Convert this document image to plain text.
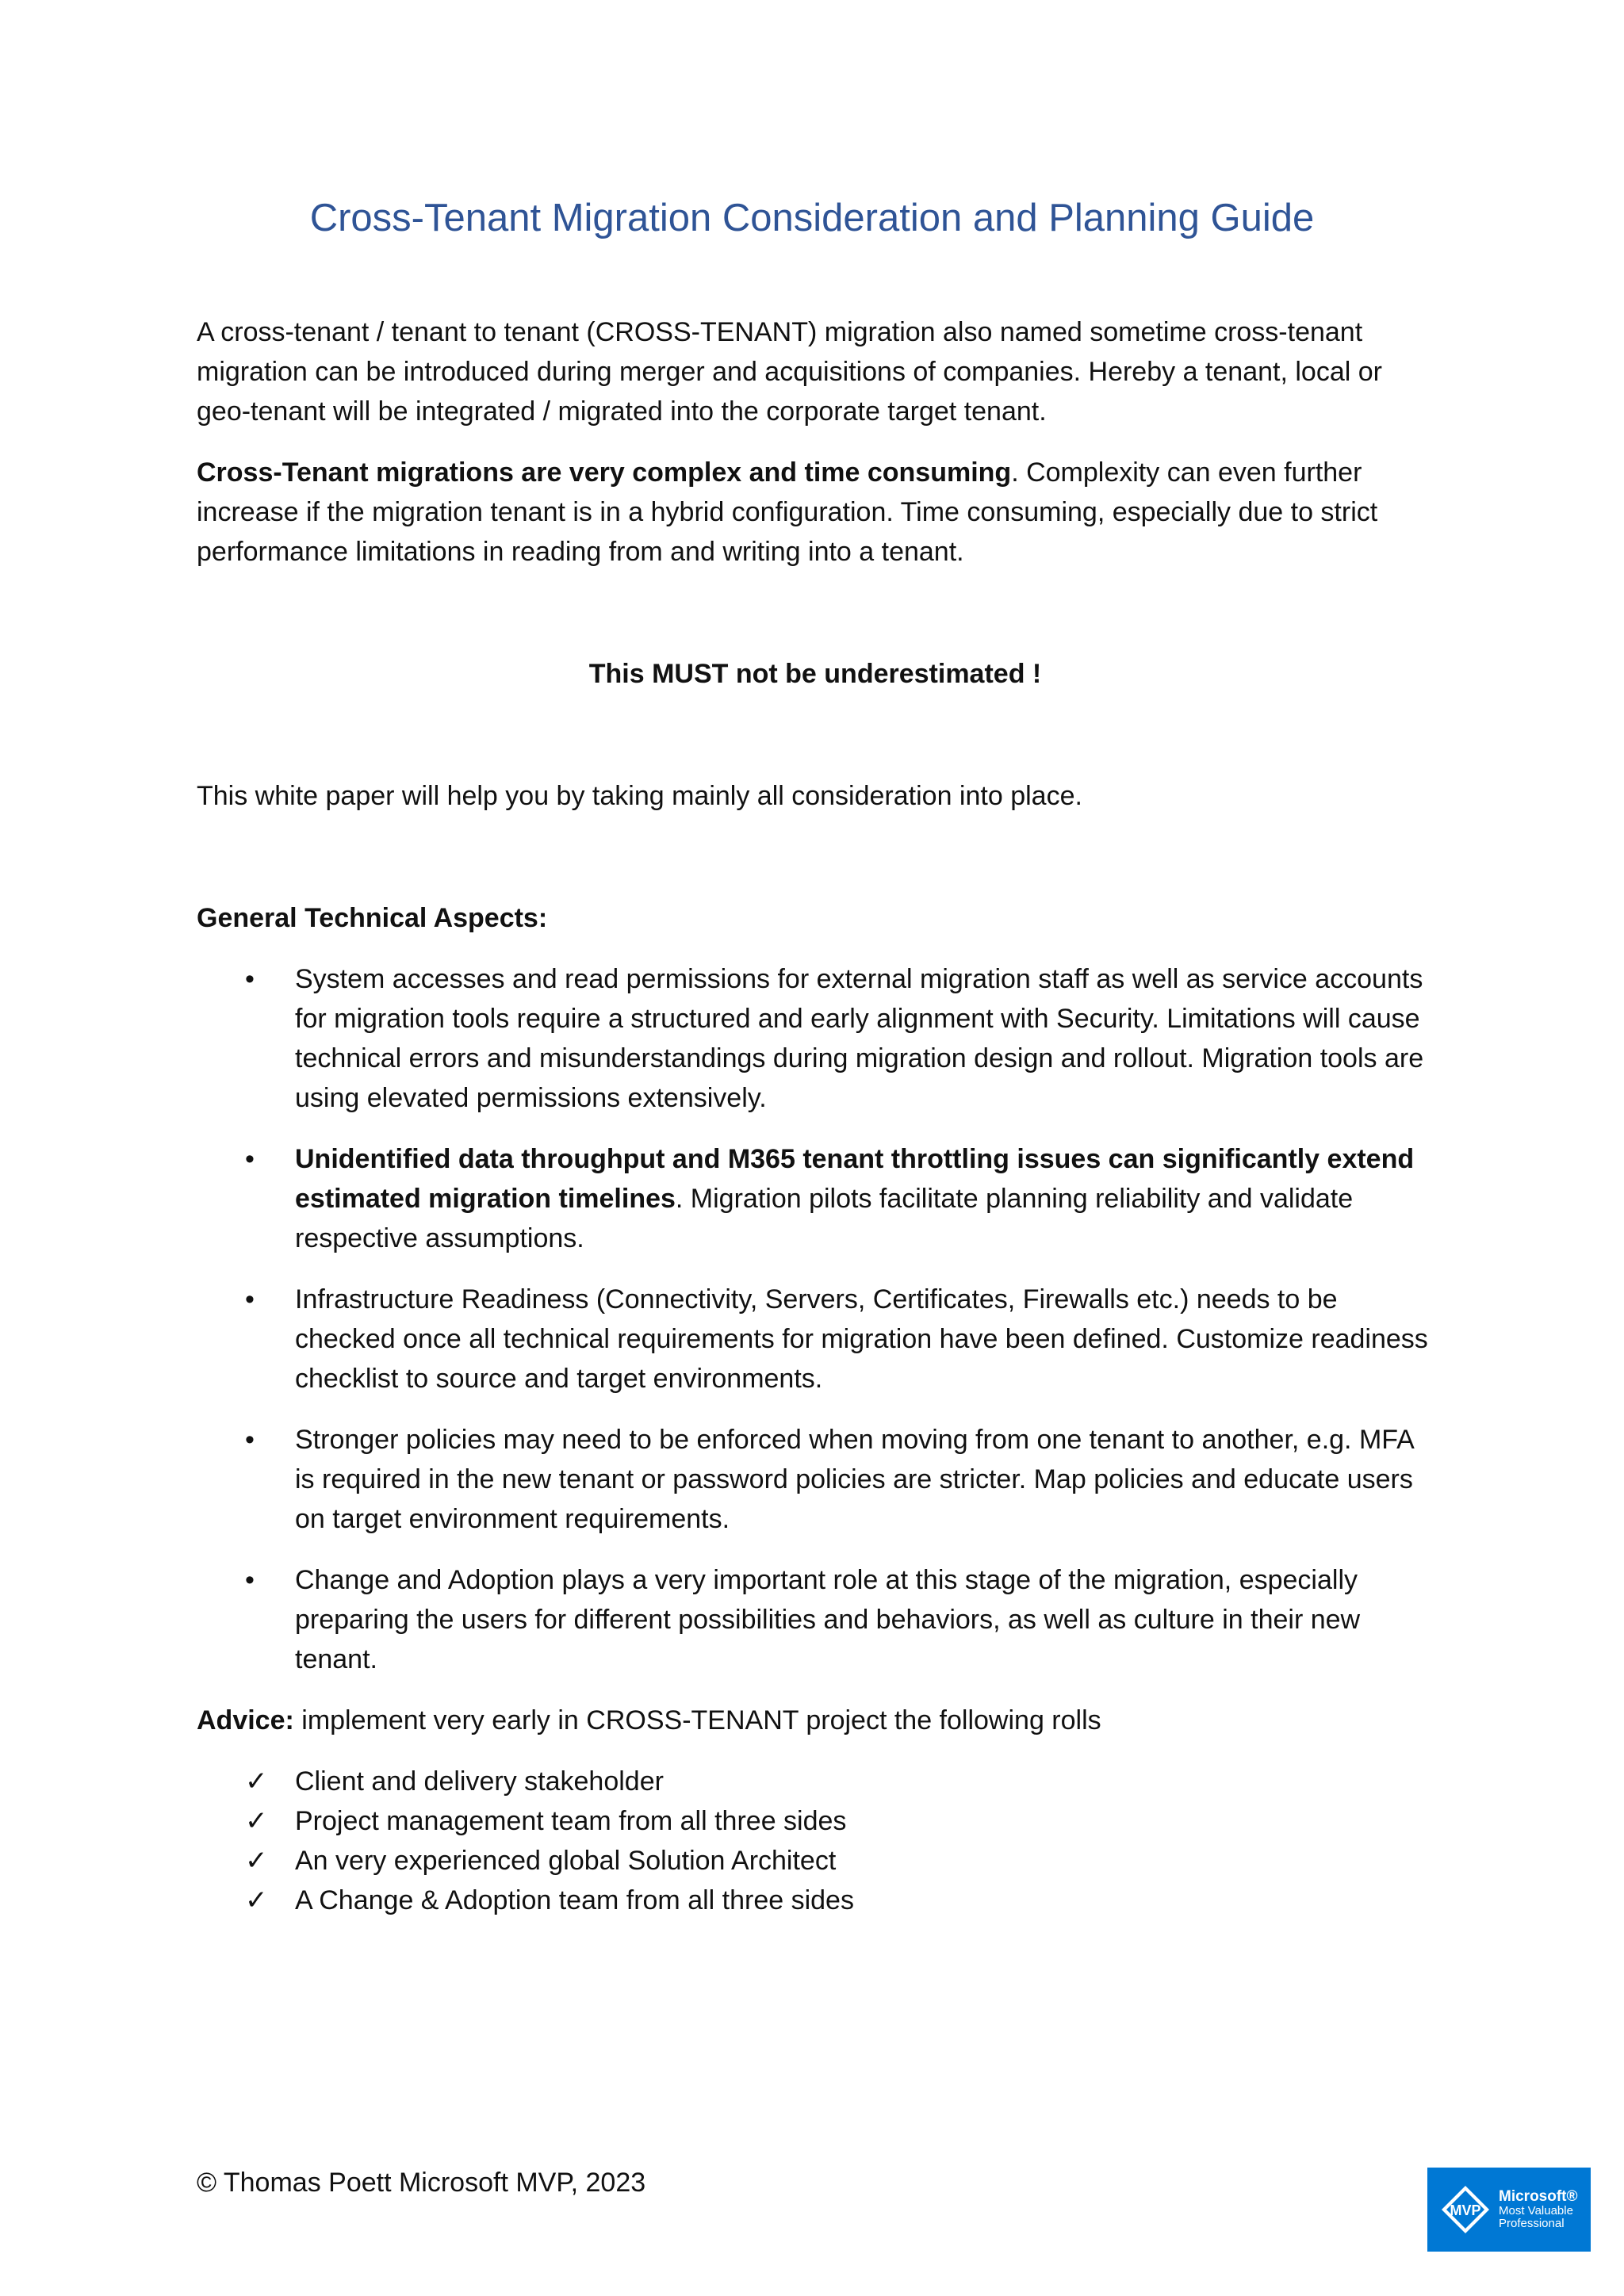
Cross-Tenant Migration Consideration and Planning Guide

A cross-tenant / tenant to tenant (CROSS-TENANT) migration also named sometime cross-tenant migration can be introduced during merger and acquisitions of companies. Hereby a tenant, local or geo-tenant will be integrated / migrated into the corporate target tenant.

Cross-Tenant migrations are very complex and time consuming. Complexity can even further increase if the migration tenant is in a hybrid configuration. Time consuming, especially due to strict performance limitations in reading from and writing into a tenant.

This MUST not be underestimated !

This white paper will help you by taking mainly all consideration into place.

General Technical Aspects:

• System accesses and read permissions for external migration staff as well as service accounts for migration tools require a structured and early alignment with Security. Limitations will cause technical errors and misunderstandings during migration design and rollout. Migration tools are using elevated permissions extensively.
• Unidentified data throughput and M365 tenant throttling issues can significantly extend estimated migration timelines. Migration pilots facilitate planning reliability and validate respective assumptions.
• Infrastructure Readiness (Connectivity, Servers, Certificates, Firewalls etc.) needs to be checked once all technical requirements for migration have been defined. Customize readiness checklist to source and target environments.
• Stronger policies may need to be enforced when moving from one tenant to another, e.g. MFA is required in the new tenant or password policies are stricter. Map policies and educate users on target environment requirements.
• Change and Adoption plays a very important role at this stage of the migration, especially preparing the users for different possibilities and behaviors, as well as culture in their new tenant.

Advice: implement very early in CROSS-TENANT project the following rolls

✓ Client and delivery stakeholder
✓ Project management team from all three sides
✓ An very experienced global Solution Architect
✓ A Change & Adoption team from all three sides
© Thomas Poett Microsoft MVP, 2023
MVP
Microsoft®
Most Valuable
Professional
